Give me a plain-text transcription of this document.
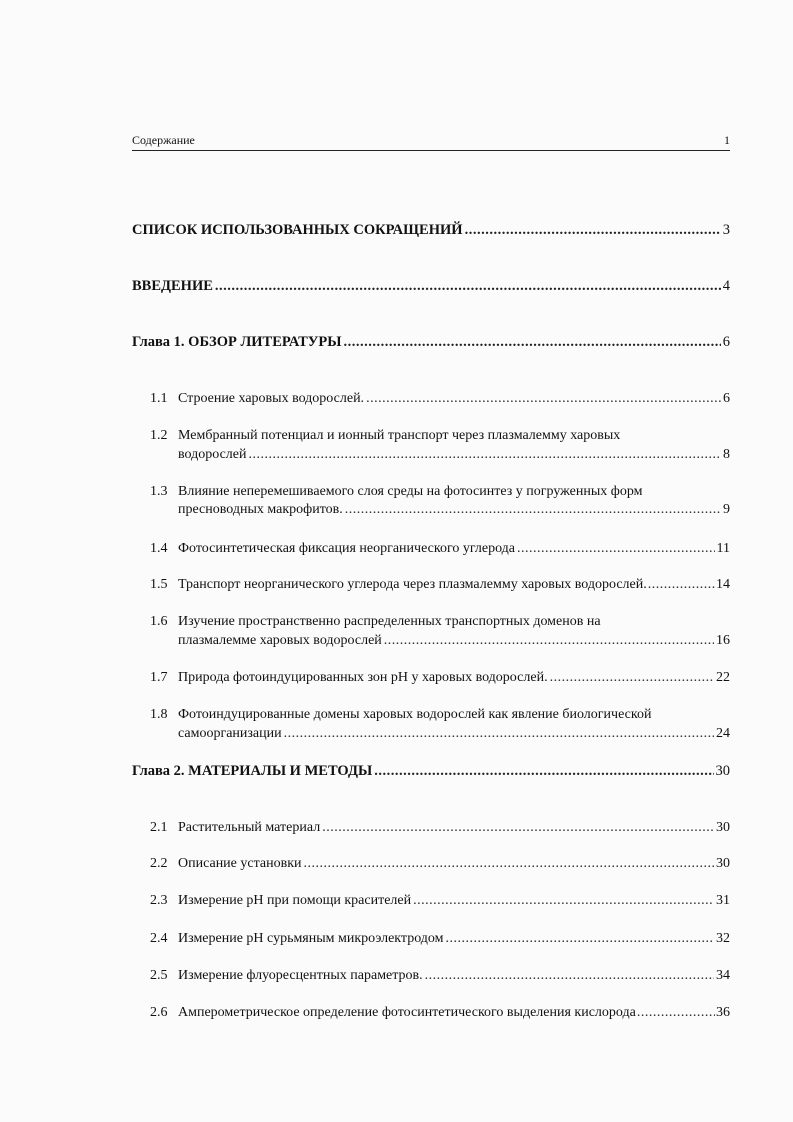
Содержание	1
СПИСОК ИСПОЛЬЗОВАННЫХ СОКРАЩЕНИЙ .....	3
ВВЕДЕНИЕ .....	4
Глава 1. ОБЗОР ЛИТЕРАТУРЫ .....	6
1.1 Строение харовых водорослей. .....	6
1.2 Мембранный потенциал и ионный транспорт через плазмалемму харовых
водорослей .....	8
1.3 Влияние неперемешиваемого слоя среды на фотосинтез у погруженных форм
пресноводных макрофитов. .....	9
1.4 Фотосинтетическая фиксация неорганического углерода .....	11
1.5 Транспорт неорганического углерода через плазмалемму харовых водорослей. .....	14
1.6 Изучение пространственно распределенных транспортных доменов на
плазмалемме харовых водорослей .....	16
1.7 Природа фотоиндуцированных зон pH у харовых водорослей. .....	22
1.8 Фотоиндуцированные домены харовых водорослей как явление биологической
самоорганизации .....	24
Глава 2. МАТЕРИАЛЫ И МЕТОДЫ .....	30
2.1 Растительный материал .....	30
2.2 Описание установки .....	30
2.3 Измерение pH при помощи красителей .....	31
2.4 Измерение pH сурьмяным микроэлектродом .....	32
2.5 Измерение флуоресцентных параметров. .....	34
2.6 Амперометрическое определение фотосинтетического выделения кислорода .....	36
